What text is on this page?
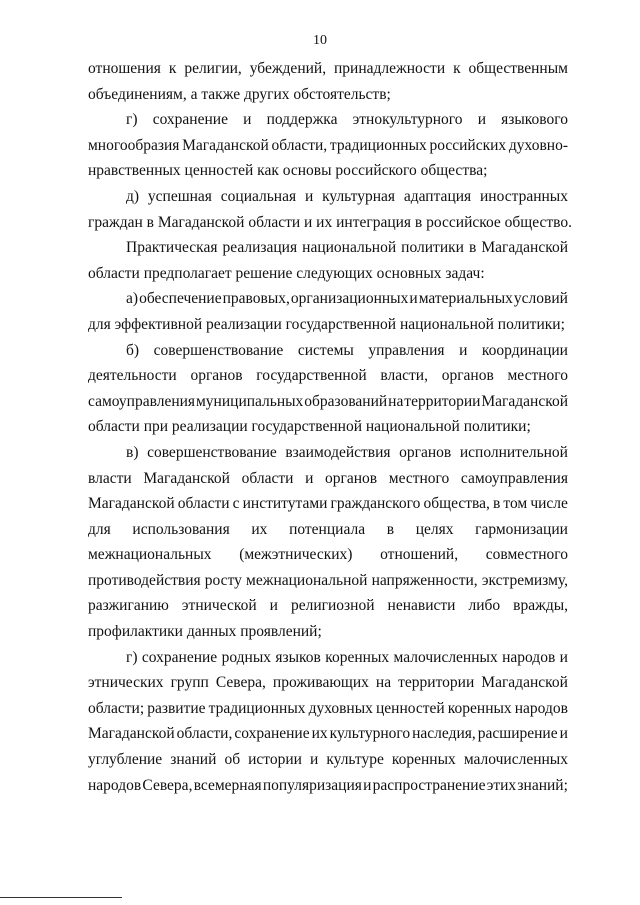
10
отношения к религии, убеждений, принадлежности к общественным
объединениям, а также других обстоятельств;
г) сохранение и поддержка этнокультурного и языкового
многообразия Магаданской области, традиционных российских духовно-
нравственных ценностей как основы российского общества;
д) успешная социальная и культурная адаптация иностранных
граждан в Магаданской области и их интеграция в российское общество.
Практическая реализация национальной политики в Магаданской
области предполагает решение следующих основных задач:
а) обеспечение правовых, организационных и материальных условий
для эффективной реализации государственной национальной политики;
б) совершенствование системы управления и координации
деятельности органов государственной власти, органов местного
самоуправления муниципальных образований на территории Магаданской
области при реализации государственной национальной политики;
в) совершенствование взаимодействия органов исполнительной
власти Магаданской области и органов местного самоуправления
Магаданской области с институтами гражданского общества, в том числе
для использования их потенциала в целях гармонизации
межнациональных (межэтнических) отношений, совместного
противодействия росту межнациональной напряженности, экстремизму,
разжиганию этнической и религиозной ненависти либо вражды,
профилактики данных проявлений;
г) сохранение родных языков коренных малочисленных народов и
этнических групп Севера, проживающих на территории Магаданской
области; развитие традиционных духовных ценностей коренных народов
Магаданской области, сохранение их культурного наследия, расширение и
углубление знаний об истории и культуре коренных малочисленных
народов Севера, всемерная популяризация и распространение этих знаний;
